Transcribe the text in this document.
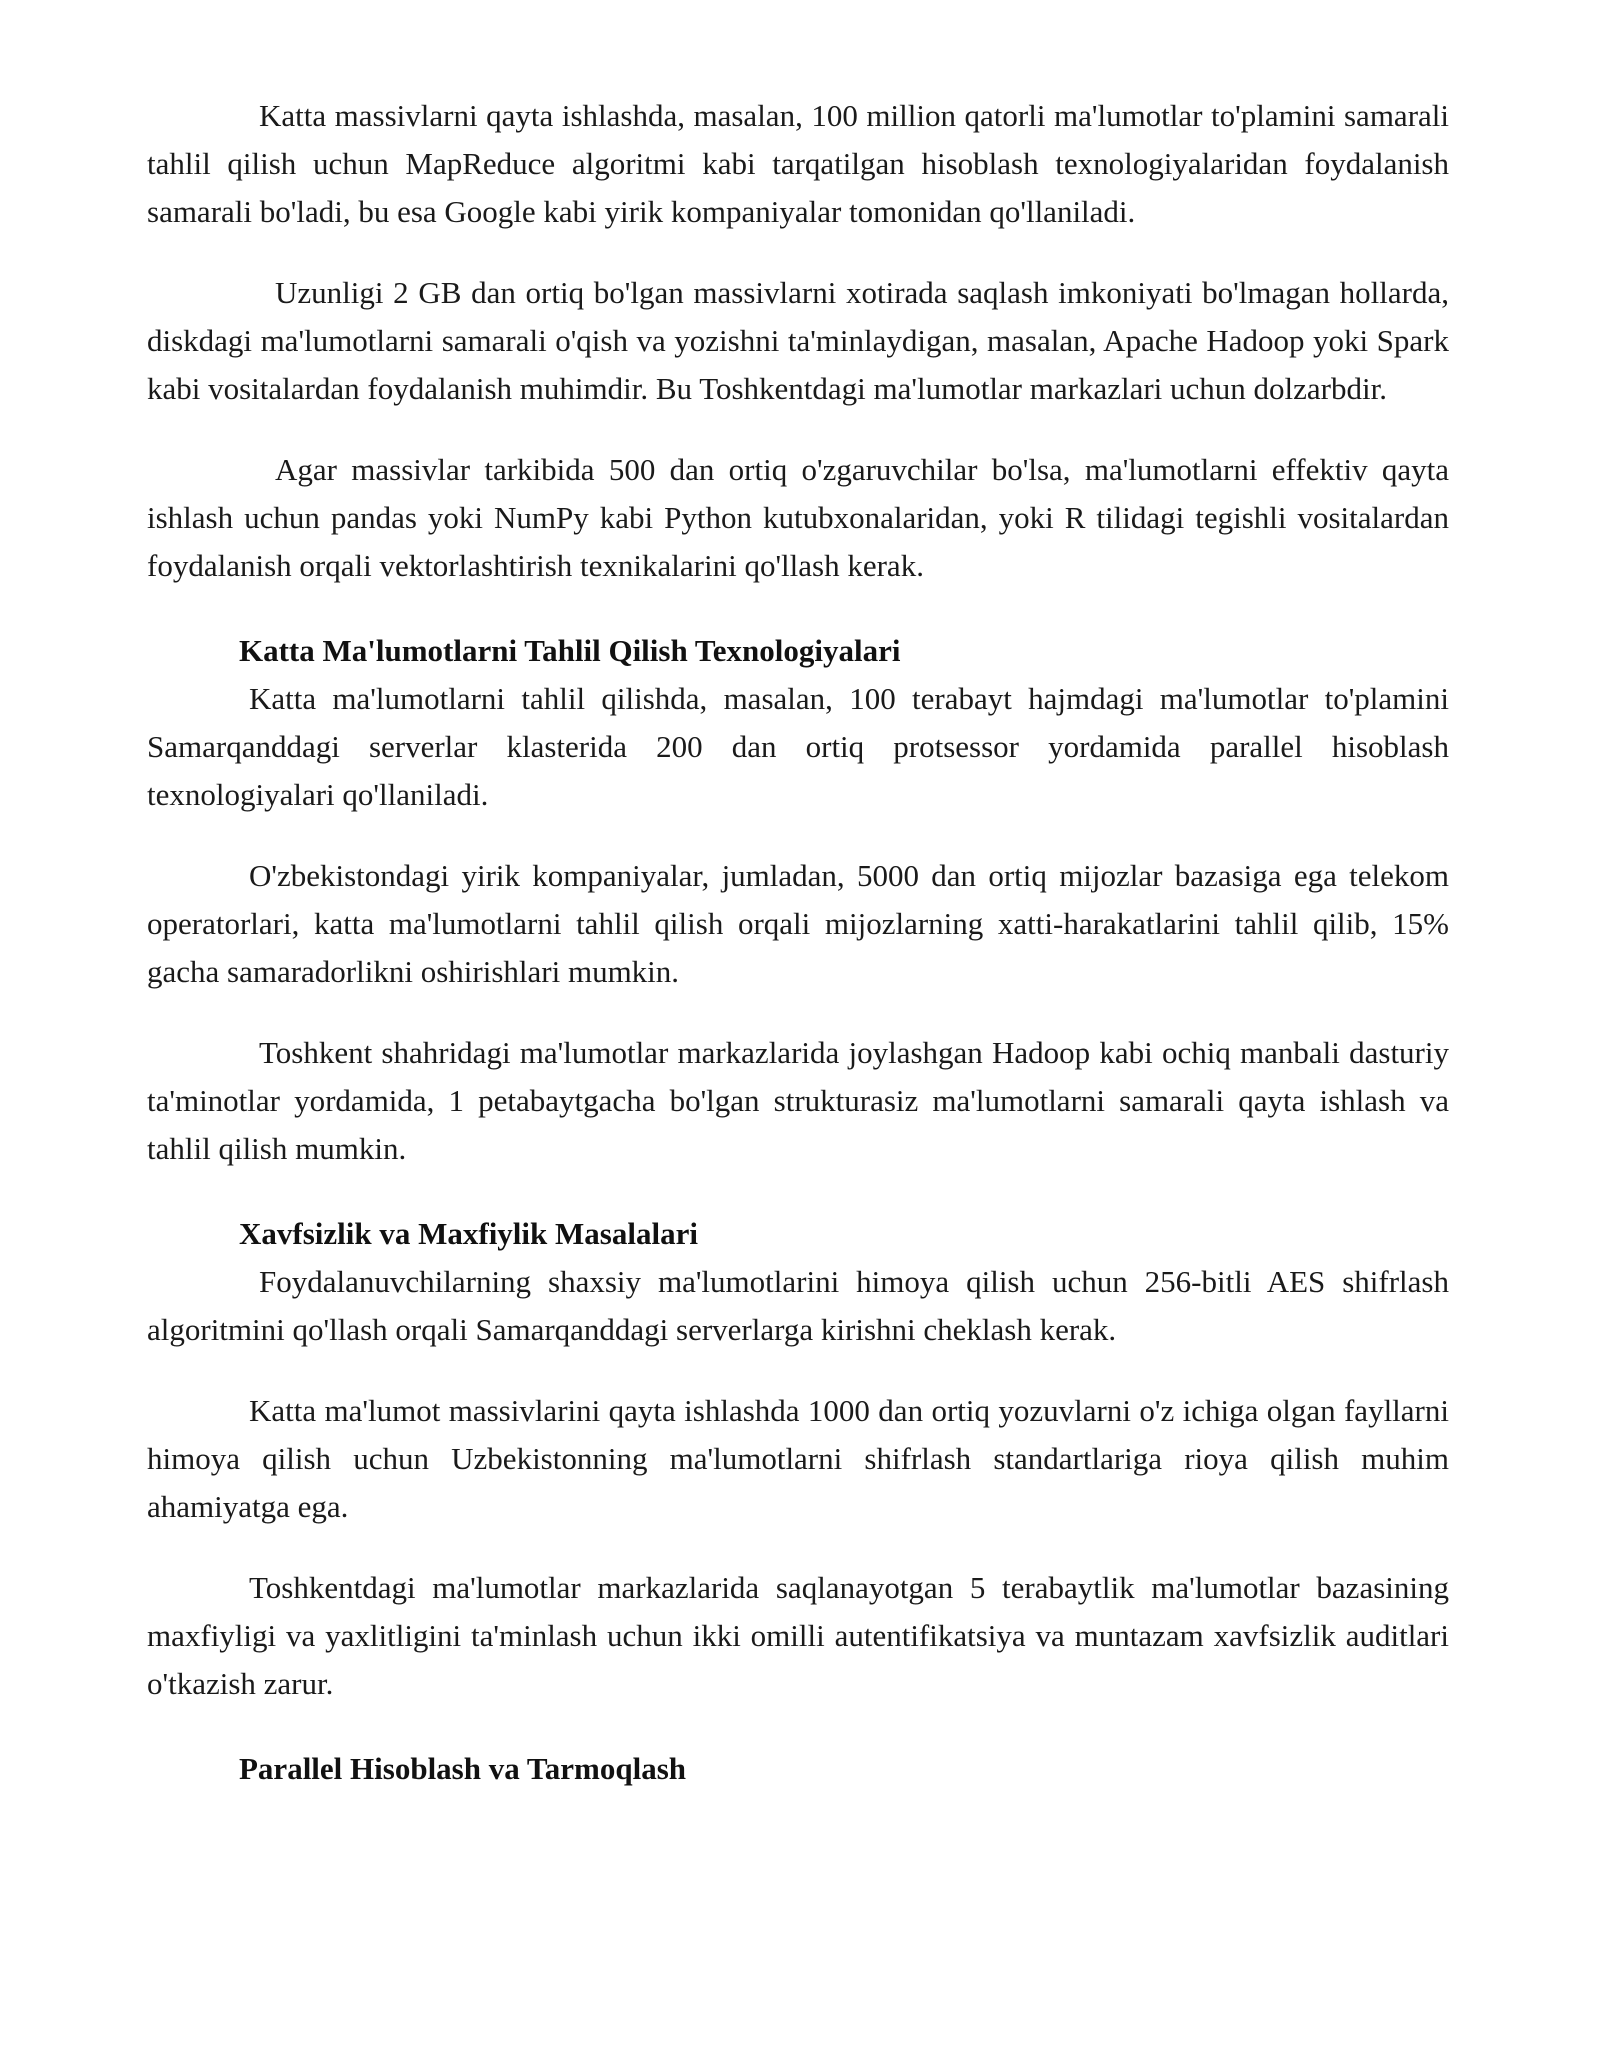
Katta massivlarni qayta ishlashda, masalan, 100 million qatorli ma'lumotlar to'plamini samarali tahlil qilish uchun MapReduce algoritmi kabi tarqatilgan hisoblash texnologiyalaridan foydalanish samarali bo'ladi, bu esa Google kabi yirik kompaniyalar tomonidan qo'llaniladi.

Uzunligi 2 GB dan ortiq bo'lgan massivlarni xotirada saqlash imkoniyati bo'lmagan hollarda, diskdagi ma'lumotlarni samarali o'qish va yozishni ta'minlaydigan, masalan, Apache Hadoop yoki Spark kabi vositalardan foydalanish muhimdir. Bu Toshkentdagi ma'lumotlar markazlari uchun dolzarbdir.

Agar massivlar tarkibida 500 dan ortiq o'zgaruvchilar bo'lsa, ma'lumotlarni effektiv qayta ishlash uchun pandas yoki NumPy kabi Python kutubxonalaridan, yoki R tilidagi tegishli vositalardan foydalanish orqali vektorlashtirish texnikalarini qo'llash kerak.

Katta Ma'lumotlarni Tahlil Qilish Texnologiyalari

Katta ma'lumotlarni tahlil qilishda, masalan, 100 terabayt hajmdagi ma'lumotlar to'plamini Samarqanddagi serverlar klasterida 200 dan ortiq protsessor yordamida parallel hisoblash texnologiyalari qo'llaniladi.

O'zbekistondagi yirik kompaniyalar, jumladan, 5000 dan ortiq mijozlar bazasiga ega telekom operatorlari, katta ma'lumotlarni tahlil qilish orqali mijozlarning xatti-harakatlarini tahlil qilib, 15% gacha samaradorlikni oshirishlari mumkin.

Toshkent shahridagi ma'lumotlar markazlarida joylashgan Hadoop kabi ochiq manbali dasturiy ta'minotlar yordamida, 1 petabaytgacha bo'lgan strukturasiz ma'lumotlarni samarali qayta ishlash va tahlil qilish mumkin.

Xavfsizlik va Maxfiylik Masalalari

Foydalanuvchilarning shaxsiy ma'lumotlarini himoya qilish uchun 256-bitli AES shifrlash algoritmini qo'llash orqali Samarqanddagi serverlarga kirishni cheklash kerak.

Katta ma'lumot massivlarini qayta ishlashda 1000 dan ortiq yozuvlarni o'z ichiga olgan fayllarni himoya qilish uchun Uzbekistonning ma'lumotlarni shifrlash standartlariga rioya qilish muhim ahamiyatga ega.

Toshkentdagi ma'lumotlar markazlarida saqlanayotgan 5 terabaytlik ma'lumotlar bazasining maxfiyligi va yaxlitligini ta'minlash uchun ikki omilli autentifikatsiya va muntazam xavfsizlik auditlari o'tkazish zarur.

Parallel Hisoblash va Tarmoqlash
